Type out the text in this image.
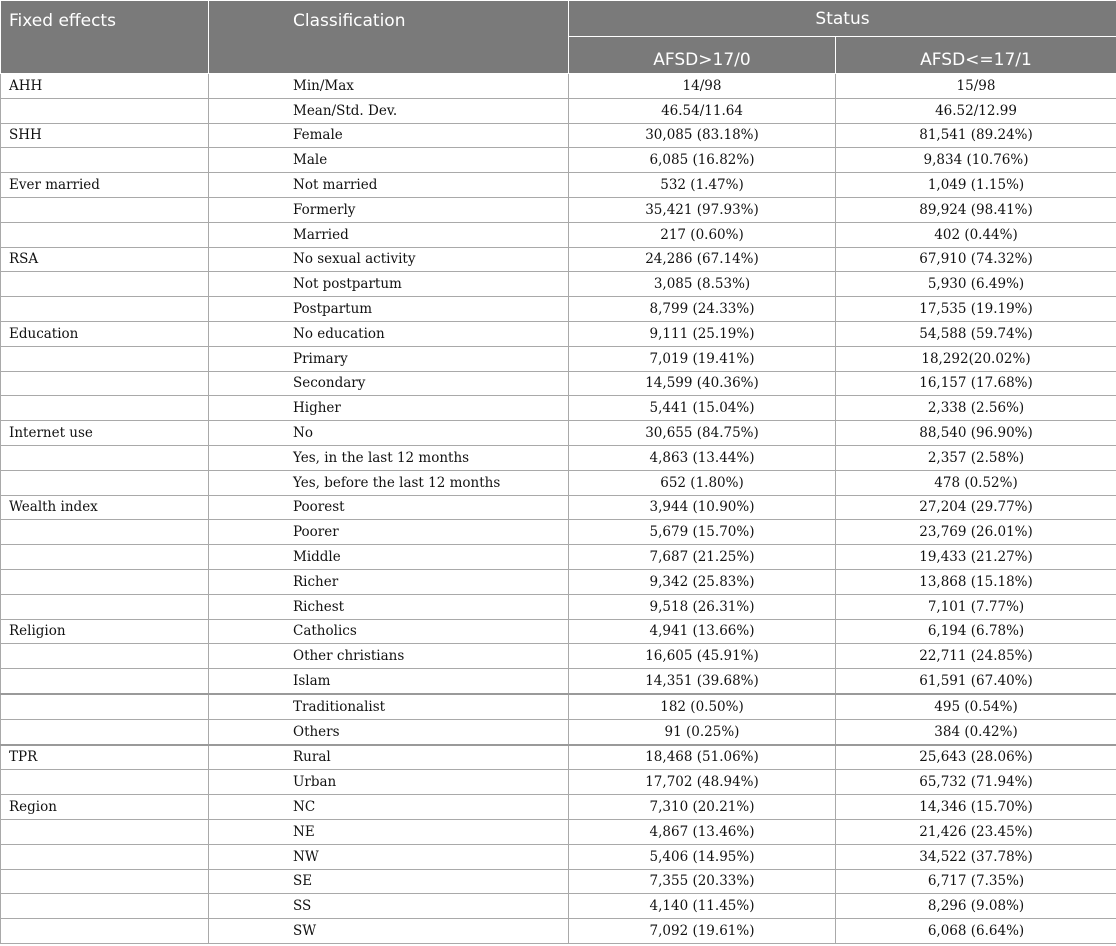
Fixed effects	Classification	Status	
		AFSD>17/0	AFSD<=17/1
AHH	Min/Max	14/98	15/98
	Mean/Std. Dev.	46.54/11.64	46.52/12.99
SHH	Female	30,085 (83.18%)	81,541 (89.24%)
	Male	6,085 (16.82%)	9,834 (10.76%)
Ever married	Not married	532 (1.47%)	1,049 (1.15%)
	Formerly	35,421 (97.93%)	89,924 (98.41%)
	Married	217 (0.60%)	402 (0.44%)
RSA	No sexual activity	24,286 (67.14%)	67,910 (74.32%)
	Not postpartum	3,085 (8.53%)	5,930 (6.49%)
	Postpartum	8,799 (24.33%)	17,535 (19.19%)
Education	No education	9,111 (25.19%)	54,588 (59.74%)
	Primary	7,019 (19.41%)	18,292(20.02%)
	Secondary	14,599 (40.36%)	16,157 (17.68%)
	Higher	5,441 (15.04%)	2,338 (2.56%)
Internet use	No	30,655 (84.75%)	88,540 (96.90%)
	Yes, in the last 12 months	4,863 (13.44%)	2,357 (2.58%)
	Yes, before the last 12 months	652 (1.80%)	478 (0.52%)
Wealth index	Poorest	3,944 (10.90%)	27,204 (29.77%)
	Poorer	5,679 (15.70%)	23,769 (26.01%)
	Middle	7,687 (21.25%)	19,433 (21.27%)
	Richer	9,342 (25.83%)	13,868 (15.18%)
	Richest	9,518 (26.31%)	7,101 (7.77%)
Religion	Catholics	4,941 (13.66%)	6,194 (6.78%)
	Other christians	16,605 (45.91%)	22,711 (24.85%)
	Islam	14,351 (39.68%)	61,591 (67.40%)
	Traditionalist	182 (0.50%)	495 (0.54%)
	Others	91 (0.25%)	384 (0.42%)
TPR	Rural	18,468 (51.06%)	25,643 (28.06%)
	Urban	17,702 (48.94%)	65,732 (71.94%)
Region	NC	7,310 (20.21%)	14,346 (15.70%)
	NE	4,867 (13.46%)	21,426 (23.45%)
	NW	5,406 (14.95%)	34,522 (37.78%)
	SE	7,355 (20.33%)	6,717 (7.35%)
	SS	4,140 (11.45%)	8,296 (9.08%)
	SW	7,092 (19.61%)	6,068 (6.64%)
